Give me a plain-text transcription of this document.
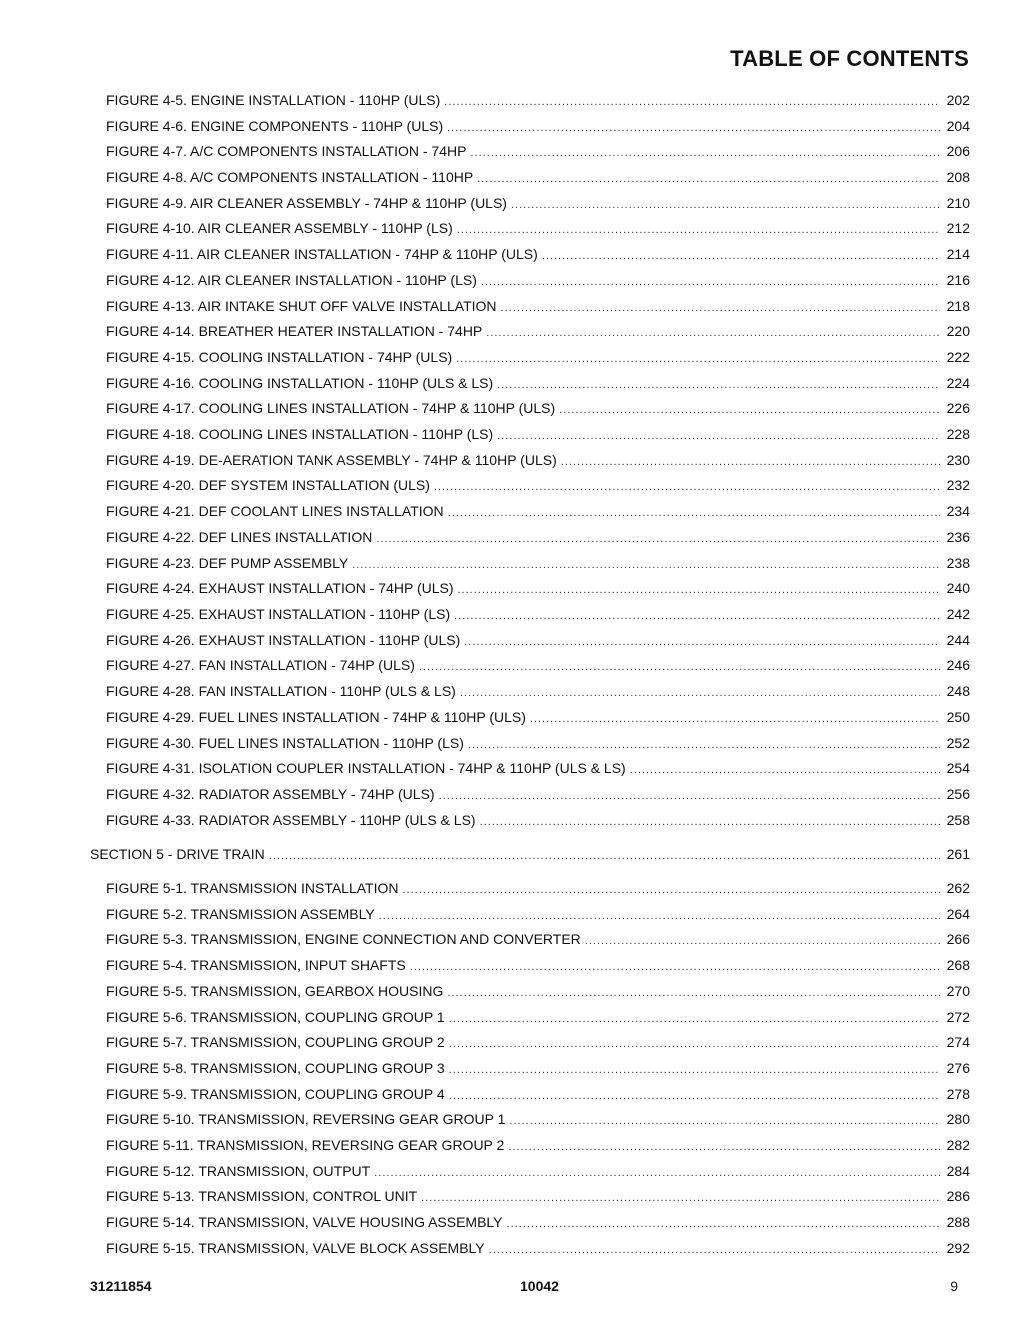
TABLE OF CONTENTS
FIGURE 4-5. ENGINE INSTALLATION - 110HP (ULS) .....	202
FIGURE 4-6. ENGINE COMPONENTS - 110HP (ULS) .....	204
FIGURE 4-7. A/C COMPONENTS INSTALLATION - 74HP .....	206
FIGURE 4-8. A/C COMPONENTS INSTALLATION - 110HP .....	208
FIGURE 4-9. AIR CLEANER ASSEMBLY - 74HP & 110HP (ULS) .....	210
FIGURE 4-10. AIR CLEANER ASSEMBLY - 110HP (LS) .....	212
FIGURE 4-11. AIR CLEANER INSTALLATION - 74HP & 110HP (ULS) .....	214
FIGURE 4-12. AIR CLEANER INSTALLATION - 110HP (LS) .....	216
FIGURE 4-13. AIR INTAKE SHUT OFF VALVE INSTALLATION .....	218
FIGURE 4-14. BREATHER HEATER INSTALLATION - 74HP .....	220
FIGURE 4-15. COOLING INSTALLATION - 74HP (ULS) .....	222
FIGURE 4-16. COOLING INSTALLATION - 110HP (ULS & LS) .....	224
FIGURE 4-17. COOLING LINES INSTALLATION - 74HP & 110HP (ULS) .....	226
FIGURE 4-18. COOLING LINES INSTALLATION - 110HP (LS) .....	228
FIGURE 4-19. DE-AERATION TANK ASSEMBLY - 74HP & 110HP (ULS) .....	230
FIGURE 4-20. DEF SYSTEM INSTALLATION (ULS) .....	232
FIGURE 4-21. DEF COOLANT LINES INSTALLATION .....	234
FIGURE 4-22. DEF LINES INSTALLATION .....	236
FIGURE 4-23. DEF PUMP ASSEMBLY .....	238
FIGURE 4-24. EXHAUST INSTALLATION - 74HP (ULS) .....	240
FIGURE 4-25. EXHAUST INSTALLATION - 110HP (LS) .....	242
FIGURE 4-26. EXHAUST INSTALLATION - 110HP (ULS) .....	244
FIGURE 4-27. FAN INSTALLATION - 74HP (ULS) .....	246
FIGURE 4-28. FAN INSTALLATION - 110HP (ULS & LS) .....	248
FIGURE 4-29. FUEL LINES INSTALLATION - 74HP & 110HP (ULS) .....	250
FIGURE 4-30. FUEL LINES INSTALLATION - 110HP (LS) .....	252
FIGURE 4-31. ISOLATION COUPLER INSTALLATION - 74HP & 110HP (ULS & LS) .....	254
FIGURE 4-32. RADIATOR ASSEMBLY - 74HP (ULS) .....	256
FIGURE 4-33. RADIATOR ASSEMBLY - 110HP (ULS & LS) .....	258
SECTION 5 - DRIVE TRAIN .....	261
FIGURE 5-1. TRANSMISSION INSTALLATION .....	262
FIGURE 5-2. TRANSMISSION ASSEMBLY .....	264
FIGURE 5-3. TRANSMISSION, ENGINE CONNECTION AND CONVERTER .....	266
FIGURE 5-4. TRANSMISSION, INPUT SHAFTS .....	268
FIGURE 5-5. TRANSMISSION, GEARBOX HOUSING .....	270
FIGURE 5-6. TRANSMISSION, COUPLING GROUP 1 .....	272
FIGURE 5-7. TRANSMISSION, COUPLING GROUP 2 .....	274
FIGURE 5-8. TRANSMISSION, COUPLING GROUP 3 .....	276
FIGURE 5-9. TRANSMISSION, COUPLING GROUP 4 .....	278
FIGURE 5-10. TRANSMISSION, REVERSING GEAR GROUP 1 .....	280
FIGURE 5-11. TRANSMISSION, REVERSING GEAR GROUP 2 .....	282
FIGURE 5-12. TRANSMISSION, OUTPUT .....	284
FIGURE 5-13. TRANSMISSION, CONTROL UNIT .....	286
FIGURE 5-14. TRANSMISSION, VALVE HOUSING ASSEMBLY .....	288
FIGURE 5-15. TRANSMISSION, VALVE BLOCK ASSEMBLY .....	292
31211854	10042	9
